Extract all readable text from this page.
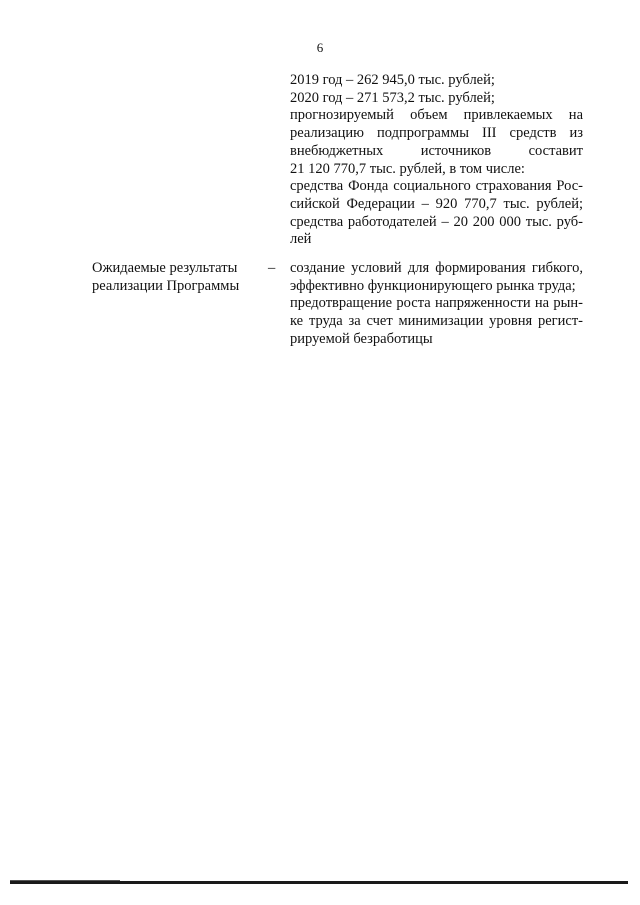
6
2019 год – 262 945,0 тыс. рублей;
2020 год – 271 573,2 тыс. рублей;
прогнозируемый объем привлекаемых на
реализацию подпрограммы III средств из
внебюджетных источников составит
21 120 770,7 тыс. рублей, в том числе:
средства Фонда социального страхования Рос-
сийской Федерации – 920 770,7 тыс. рублей;
средства работодателей – 20 200 000 тыс. руб-
лей
Ожидаемые результаты
реализации Программы
– создание условий для формирования гибкого,
эффективно функционирующего рынка труда;
предотвращение роста напряженности на рын-
ке труда за счет минимизации уровня регист-
рируемой безработицы
